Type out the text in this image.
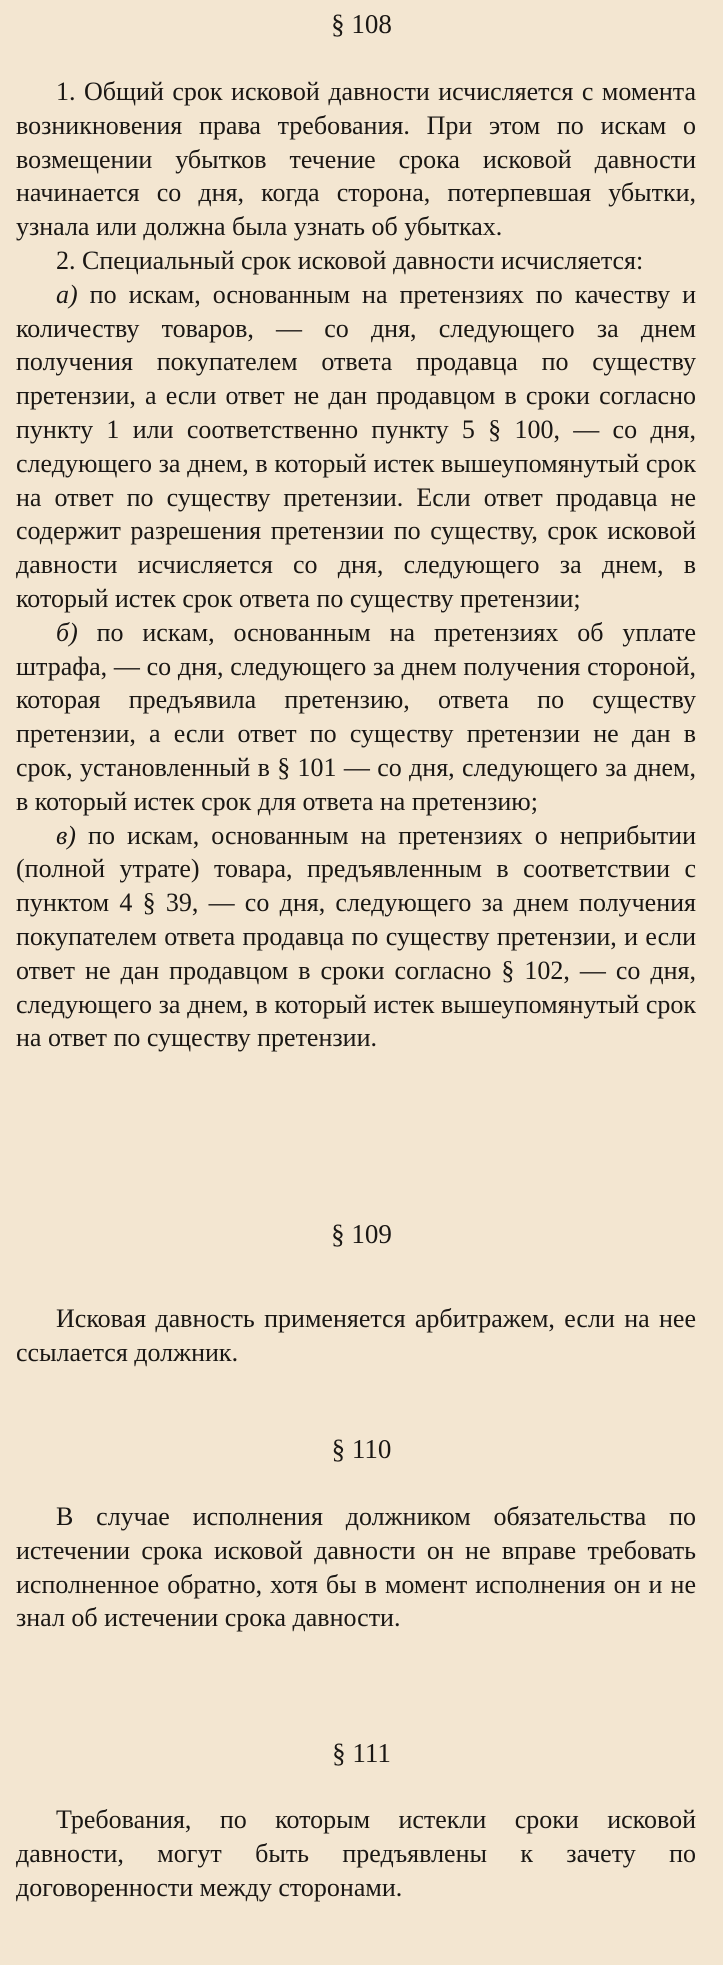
§ 108

1. Общий срок исковой давности исчисляется с момента возникновения права требования. При этом по искам о возмещении убытков течение срока исковой давности начинается со дня, когда сторона, потерпевшая убытки, узнала или должна была узнать об убытках.

2. Специальный срок исковой давности исчисляется:

а) по искам, основанным на претензиях по качеству и количеству товаров, — со дня, следующего за днем получения покупателем ответа продавца по существу претензии, а если ответ не дан продавцом в сроки согласно пункту 1 или соответственно пункту 5 § 100, — со дня, следующего за днем, в который истек вышеупомянутый срок на ответ по существу претензии. Если ответ продавца не содержит разрешения претензии по существу, срок исковой давности исчисляется со дня, следующего за днем, в который истек срок ответа по существу претензии;

б) по искам, основанным на претензиях об уплате штрафа, — со дня, следующего за днем получения стороной, которая предъявила претензию, ответа по существу претензии, а если ответ по существу претензии не дан в срок, установленный в § 101 — со дня, следующего за днем, в который истек срок для ответа на претензию;

в) по искам, основанным на претензиях о неприбытии (полной утрате) товара, предъявленным в соответствии с пунктом 4 § 39, — со дня, следующего за днем получения покупателем ответа продавца по существу претензии, и если ответ не дан продавцом в сроки согласно § 102, — со дня, следующего за днем, в который истек вышеупомянутый срок на ответ по существу претензии.

§ 109

Исковая давность применяется арбитражем, если на нее ссылается должник.

§ 110

В случае исполнения должником обязательства по истечении срока исковой давности он не вправе требовать исполненное обратно, хотя бы в момент исполнения он и не знал об истечении срока давности.

§ 111

Требования, по которым истекли сроки исковой давности, могут быть предъявлены к зачету по договоренности между сторонами.
